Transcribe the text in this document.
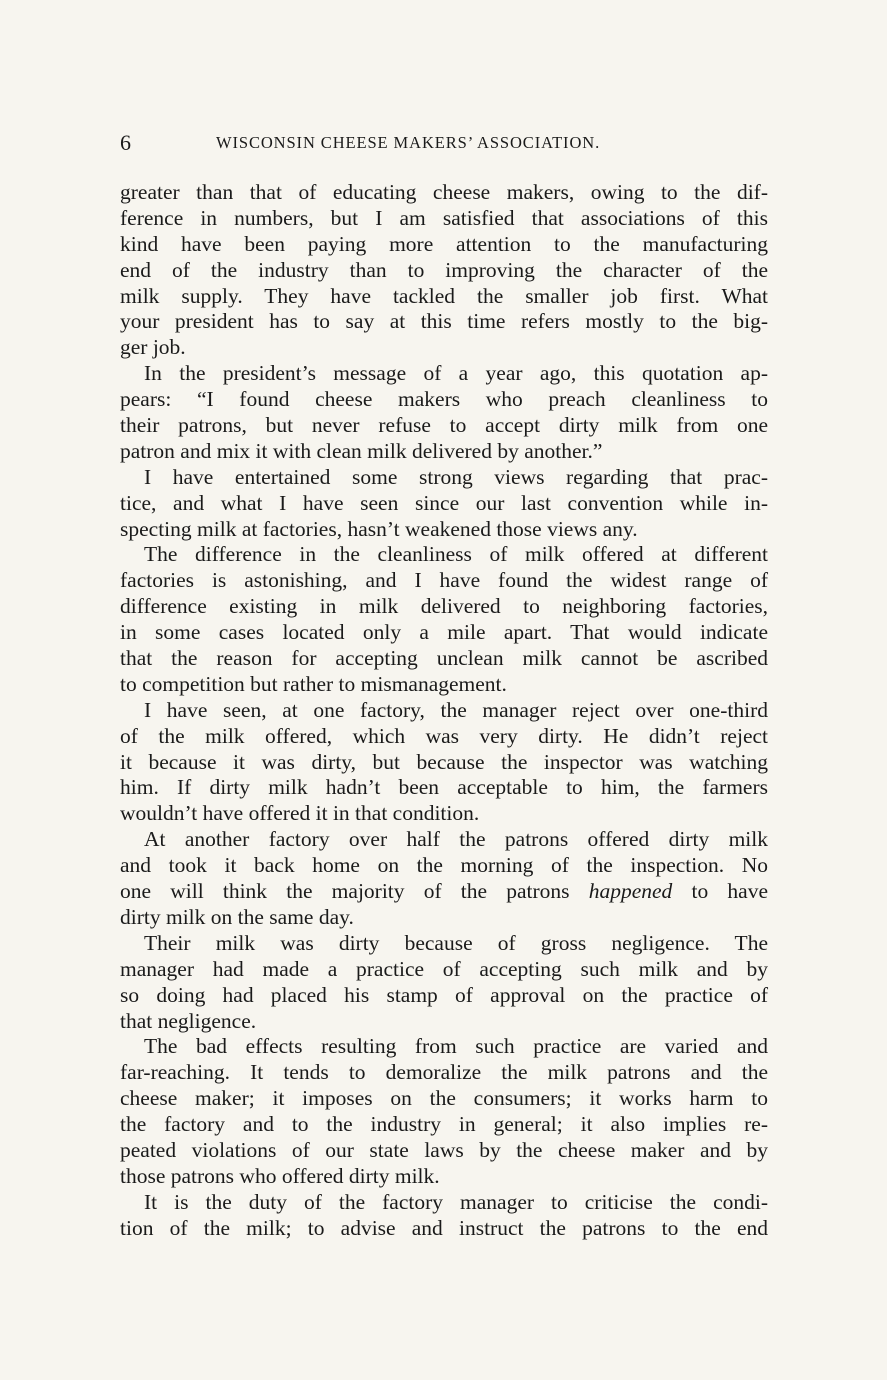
6	WISCONSIN CHEESE MAKERS’ ASSOCIATION.
greater than that of educating cheese makers, owing to the dif-
ference in numbers, but I am satisfied that associations of this
kind have been paying more attention to the manufacturing
end of the industry than to improving the character of the
milk supply. They have tackled the smaller job first. What
your president has to say at this time refers mostly to the big-
ger job.
In the president’s message of a year ago, this quotation ap-
pears: “I found cheese makers who preach cleanliness to
their patrons, but never refuse to accept dirty milk from one
patron and mix it with clean milk delivered by another.”
I have entertained some strong views regarding that prac-
tice, and what I have seen since our last convention while in-
specting milk at factories, hasn’t weakened those views any.
The difference in the cleanliness of milk offered at different
factories is astonishing, and I have found the widest range of
difference existing in milk delivered to neighboring factories,
in some cases located only a mile apart. That would indicate
that the reason for accepting unclean milk cannot be ascribed
to competition but rather to mismanagement.
I have seen, at one factory, the manager reject over one-third
of the milk offered, which was very dirty. He didn’t reject
it because it was dirty, but because the inspector was watching
him. If dirty milk hadn’t been acceptable to him, the farmers
wouldn’t have offered it in that condition.
At another factory over half the patrons offered dirty milk
and took it back home on the morning of the inspection. No
one will think the majority of the patrons happened to have
dirty milk on the same day.
Their milk was dirty because of gross negligence. The
manager had made a practice of accepting such milk and by
so doing had placed his stamp of approval on the practice of
that negligence.
The bad effects resulting from such practice are varied and
far-reaching. It tends to demoralize the milk patrons and the
cheese maker; it imposes on the consumers; it works harm to
the factory and to the industry in general; it also implies re-
peated violations of our state laws by the cheese maker and by
those patrons who offered dirty milk.
It is the duty of the factory manager to criticise the condi-
tion of the milk; to advise and instruct the patrons to the end
